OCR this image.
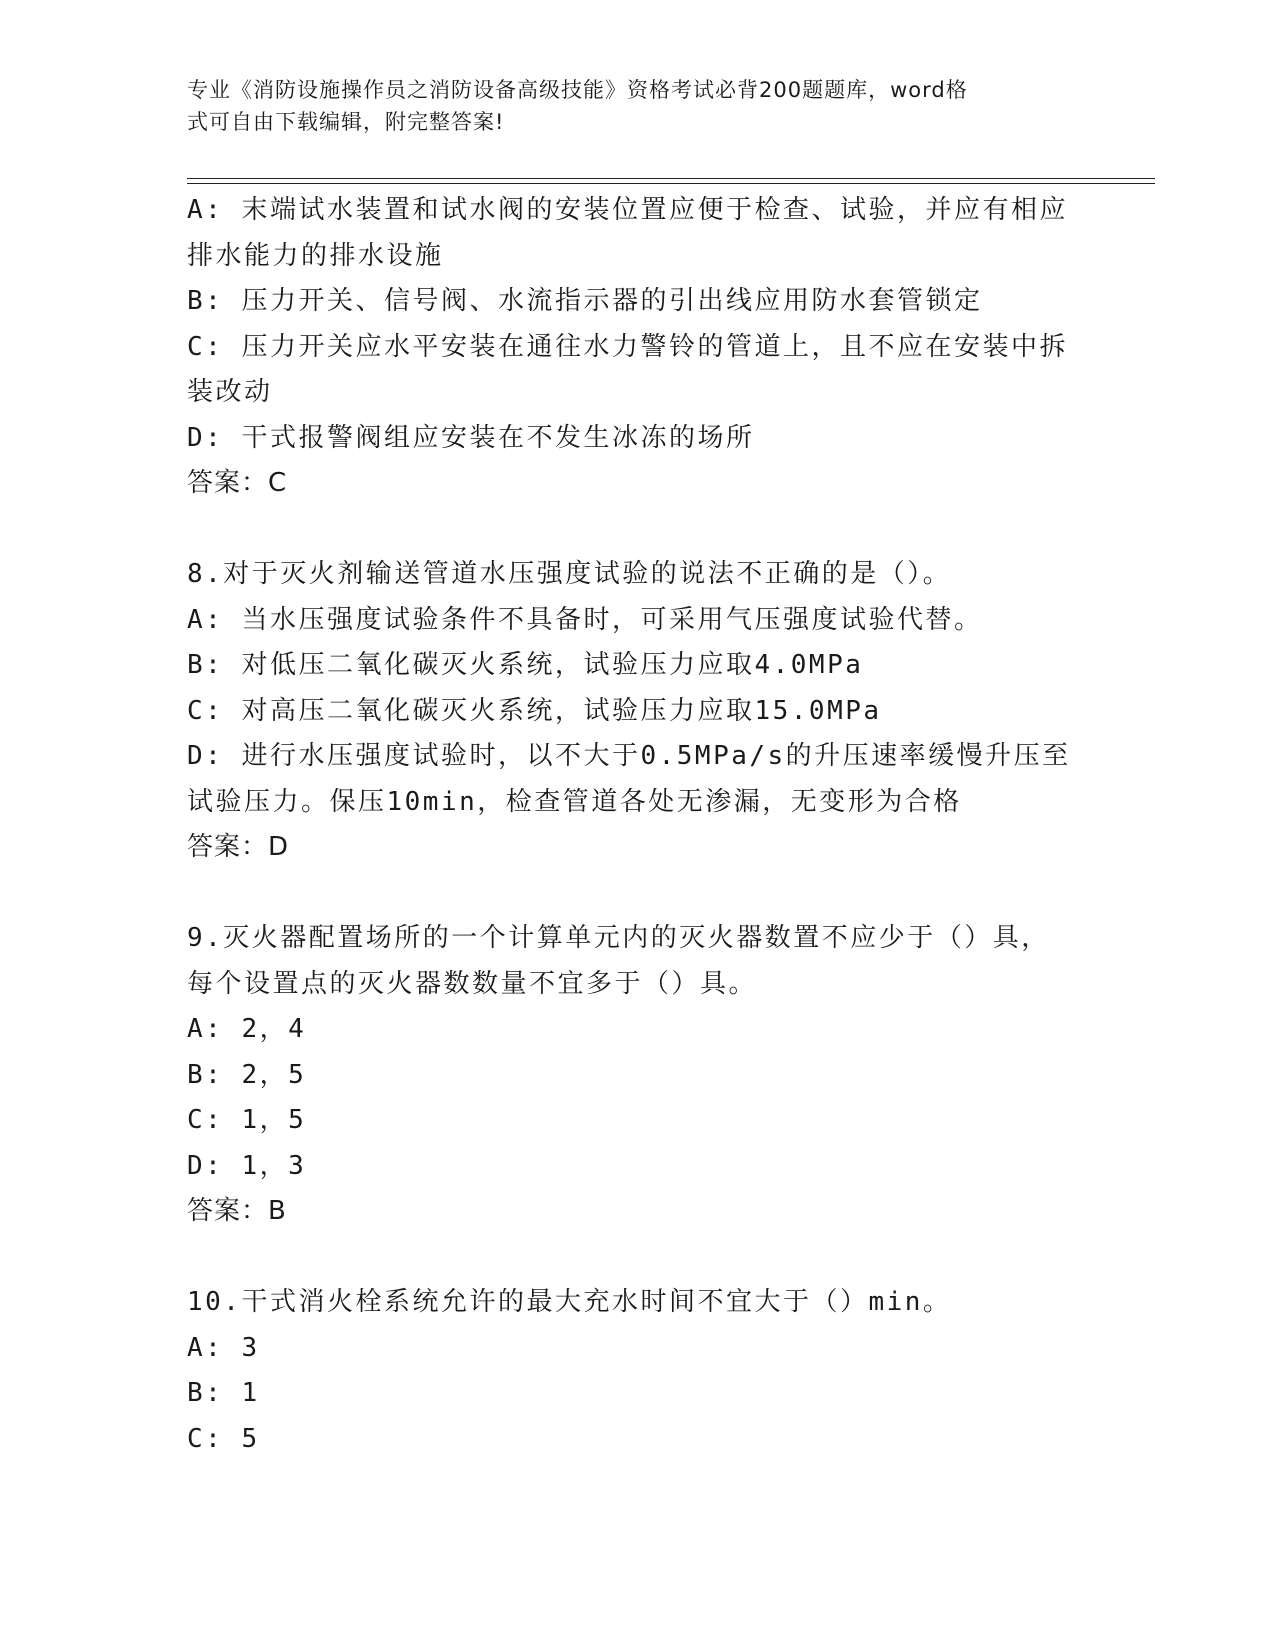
专业《消防设施操作员之消防设备高级技能》资格考试必背200题题库，word格
式可自由下载编辑，附完整答案!
A: 末端试水装置和试水阀的安装位置应便于检查、试验，并应有相应
排水能力的排水设施
B: 压力开关、信号阀、水流指示器的引出线应用防水套管锁定
C: 压力开关应水平安装在通往水力警铃的管道上，且不应在安装中拆
装改动
D: 干式报警阀组应安装在不发生冰冻的场所
答案：C
8.对于灭火剂输送管道水压强度试验的说法不正确的是（）。
A: 当水压强度试验条件不具备时，可采用气压强度试验代替。
B: 对低压二氧化碳灭火系统，试验压力应取4.0MPa
C: 对高压二氧化碳灭火系统，试验压力应取15.0MPa
D: 进行水压强度试验时，以不大于0.5MPa/s的升压速率缓慢升压至
试验压力。保压10min，检查管道各处无渗漏，无变形为合格
答案：D
9.灭火器配置场所的一个计算单元内的灭火器数置不应少于（）具，
每个设置点的灭火器数数量不宜多于（）具。
A: 2，4
B: 2，5
C: 1，5
D: 1，3
答案：B
10.干式消火栓系统允许的最大充水时间不宜大于（）min。
A: 3
B: 1
C: 5
